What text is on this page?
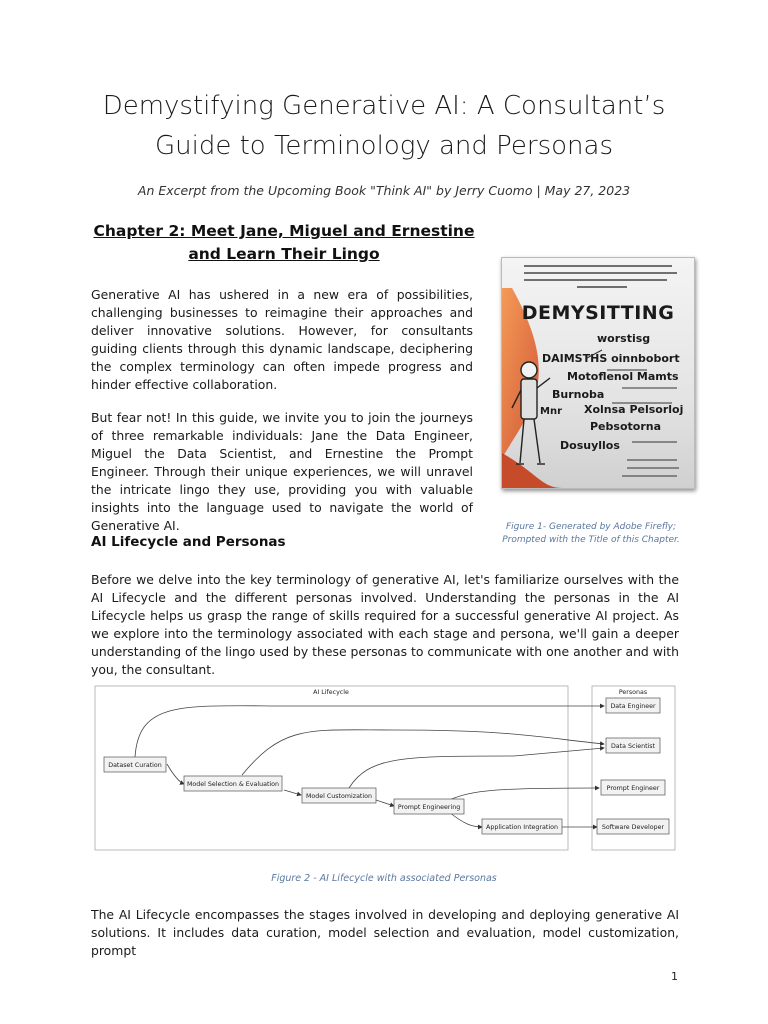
Demystifying Generative AI: A Consultant’s
Guide to Terminology and Personas
An Excerpt from the Upcoming Book "Think AI" by Jerry Cuomo | May 27, 2023
Chapter 2: Meet Jane, Miguel and Ernestine
and Learn Their Lingo

Generative AI has ushered in a new era of possibilities, challenging businesses to reimagine their approaches and deliver innovative solutions. However, for consultants guiding clients through this dynamic landscape, deciphering the complex terminology can often impede progress and hinder effective collaboration.

But fear not! In this guide, we invite you to join the journeys of three remarkable individuals: Jane the Data Engineer, Miguel the Data Scientist, and Ernestine the Prompt Engineer. Through their unique experiences, we will unravel the intricate lingo they use, providing you with valuable insights into the language used to navigate the world of Generative AI.

DEMYSITTING
worstisg
DAIMSTHS oinnbobort
Motoflenol Mamts
Burnoba
Mnr Xolnsa Pelsorloj
Pebsotorna
Dosuyllos
Figure 1- Generated by Adobe Firefly;
Prompted with the Title of this Chapter.
AI Lifecycle and Personas

Before we delve into the key terminology of generative AI, let's familiarize ourselves with the AI Lifecycle and the different personas involved. Understanding the personas in the AI Lifecycle helps us grasp the range of skills required for a successful generative AI project. As we explore into the terminology associated with each stage and persona, we'll gain a deeper understanding of the lingo used by these personas to communicate with one another and with you, the consultant.

AI Lifecycle	Personas
Dataset Curation
Model Selection & Evaluation
Model Customization
Prompt Engineering
Application Integration
Data Engineer
Data Scientist
Prompt Engineer
Software Developer
Figure 2 - AI Lifecycle with associated Personas

The AI Lifecycle encompasses the stages involved in developing and deploying generative AI solutions. It includes data curation, model selection and evaluation, model customization, prompt

1
